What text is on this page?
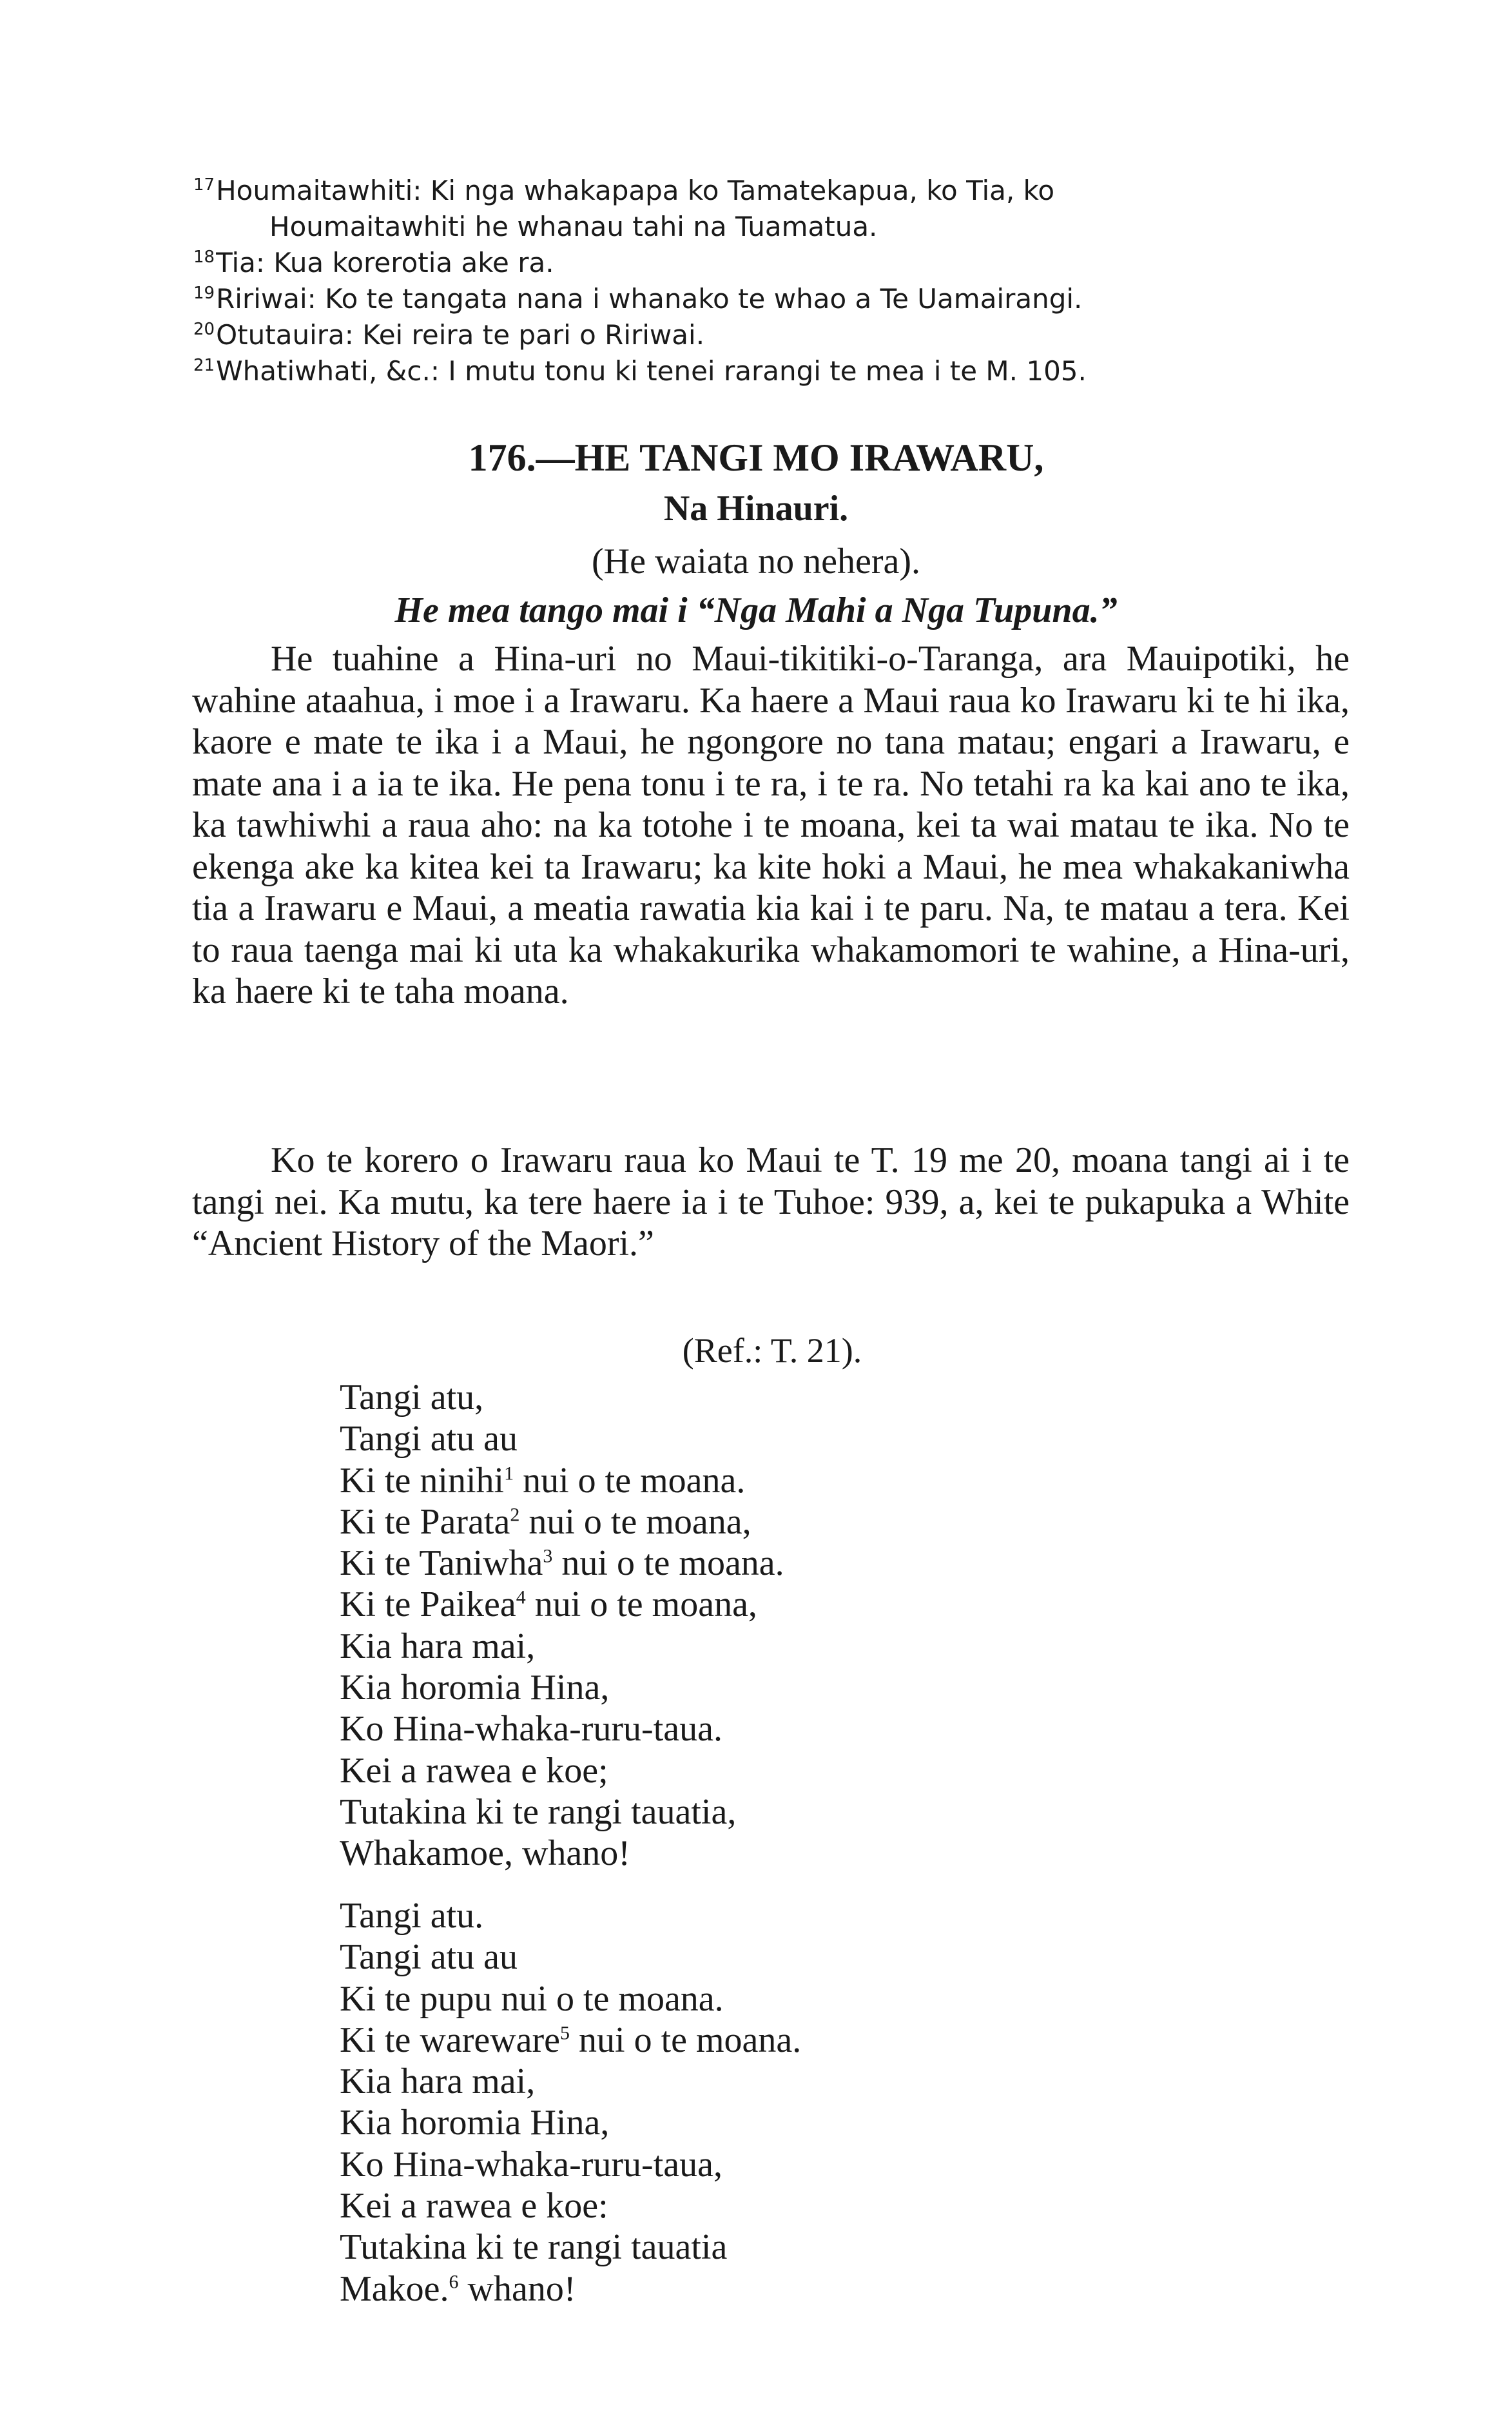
$^{17}$Houmaitawhiti: Ki nga whakapapa ko Tamatekapua, ko Tia, ko

Houmaitawhiti he whanau tahi na Tuamatua.

$^{18}$Tia: Kua korerotia ake ra.

$^{19}$Ririwai: Ko te tangata nana i whanako te whao a Te Uamairangi.

$^{20}$Otutauira: Kei reira te pari o Ririwai.

$^{21}$Whatiwhati, &c.: I mutu tonu ki tenei rarangi te mea i te M. 105.

176.—HE TANGI MO IRAWARU,

Na Hinauri.

(He waiata no nehera).

He mea tango mai i “Nga Mahi a Nga Tupuna.”

He tuahine a Hina-uri no Maui-tikitiki-o-Taranga, ara Mauipotiki, he wahine ataahua, i moe i a Irawaru. Ka haere a Maui raua ko Irawaru ki te hi ika, kaore e mate te ika i a Maui, he ngongore no tana matau; engari a Irawaru, e mate ana i a ia te ika. He pena tonu i te ra, i te ra. No tetahi ra ka kai ano te ika, ka tawhiwhi a raua aho: na ka totohe i te moana, kei ta wai matau te ika. No te ekenga ake ka kitea kei ta Irawaru; ka kite hoki a Maui, he mea whakakaniwha tia a Irawaru e Maui, a meatia rawatia kia kai i te paru. Na, te matau a tera. Kei to raua taenga mai ki uta ka whakakurika whakamomori te wahine, a Hina-uri, ka haere ki te taha moana.

Ko te korero o Irawaru raua ko Maui te T. 19 me 20, moana tangi ai i te tangi nei. Ka mutu, ka tere haere ia i te Tuhoe: 939, a, kei te pukapuka a White “Ancient History of the Maori.”

(Ref.: T. 21).

Tangi atu,

Tangi atu au

Ki te ninihi$^1$ nui o te moana.

Ki te Parata$^2$ nui o te moana,

Ki te Taniwha$^3$ nui o te moana.

Ki te Paikea$^4$ nui o te moana,

Kia hara mai,

Kia horomia Hina,

Ko Hina-whaka-ruru-taua.

Kei a rawea e koe;

Tutakina ki te rangi tauatia,

Whakamoe, whano!

Tangi atu.

Tangi atu au

Ki te pupu nui o te moana.

Ki te wareware$^5$ nui o te moana.

Kia hara mai,

Kia horomia Hina,

Ko Hina-whaka-ruru-taua,

Kei a rawea e koe:

Tutakina ki te rangi tauatia

Makoe.$^6$ whano!
